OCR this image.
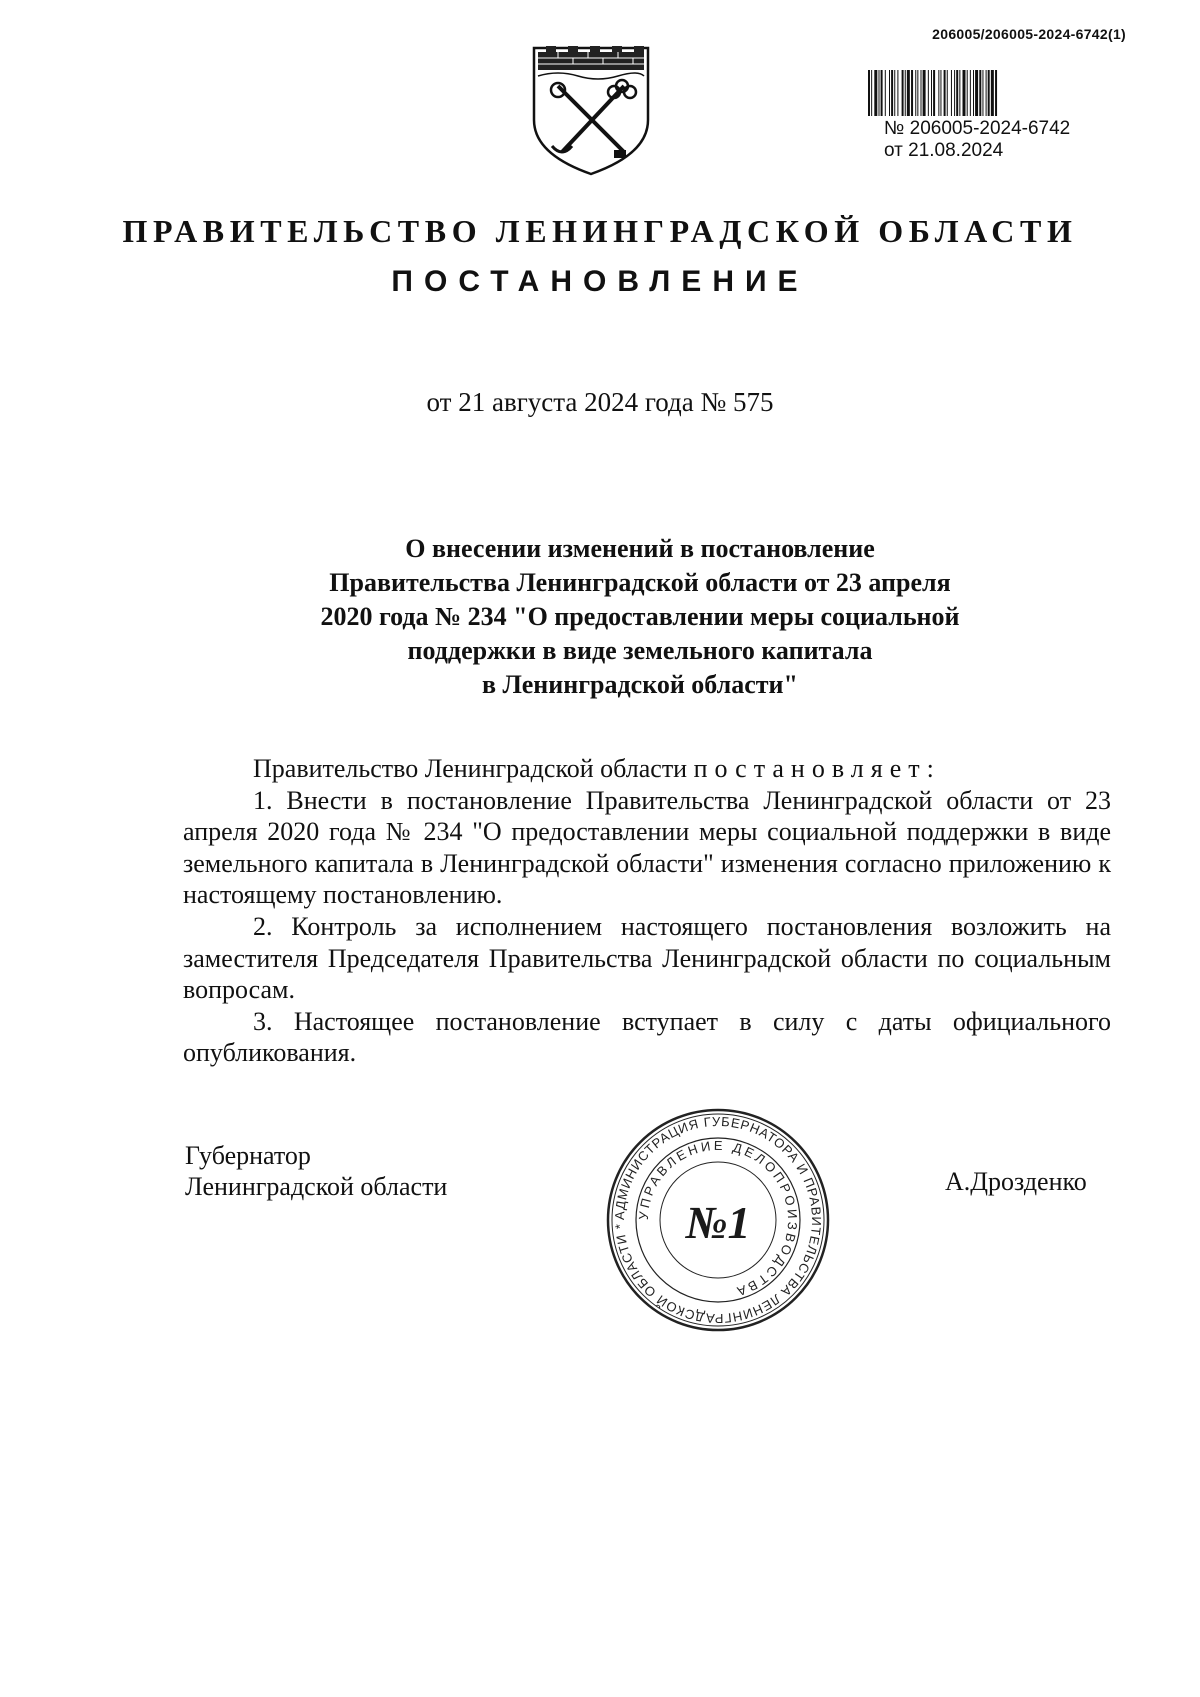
206005/206005-2024-6742(1)
№ 206005-2024-6742
от 21.08.2024
ПРАВИТЕЛЬСТВО ЛЕНИНГРАДСКОЙ ОБЛАСТИ
ПОСТАНОВЛЕНИЕ
от 21 августа 2024 года № 575
О внесении изменений в постановление
Правительства Ленинградской области от 23 апреля
2020 года № 234 "О предоставлении меры социальной
поддержки в виде земельного капитала
в Ленинградской области"

Правительство Ленинградской области постановляет:

1. Внести в постановление Правительства Ленинградской области от 23 апреля 2020 года № 234 "О предоставлении меры социальной поддержки в виде земельного капитала в Ленинградской области" изменения согласно приложению к настоящему постановлению.

2. Контроль за исполнением настоящего постановления возложить на заместителя Председателя Правительства Ленинградской области по социальным вопросам.

3. Настоящее постановление вступает в силу с даты официального опубликования.

Губернатор
Ленинградской области	А.Дрозденко
АДМИНИСТРАЦИЯ ГУБЕРНАТОРА И ПРАВИТЕЛЬСТВА ЛЕНИНГРАДСКОЙ ОБЛАСТИ *
УПРАВЛЕНИЕ ДЕЛОПРОИЗВОДСТВА
№1
